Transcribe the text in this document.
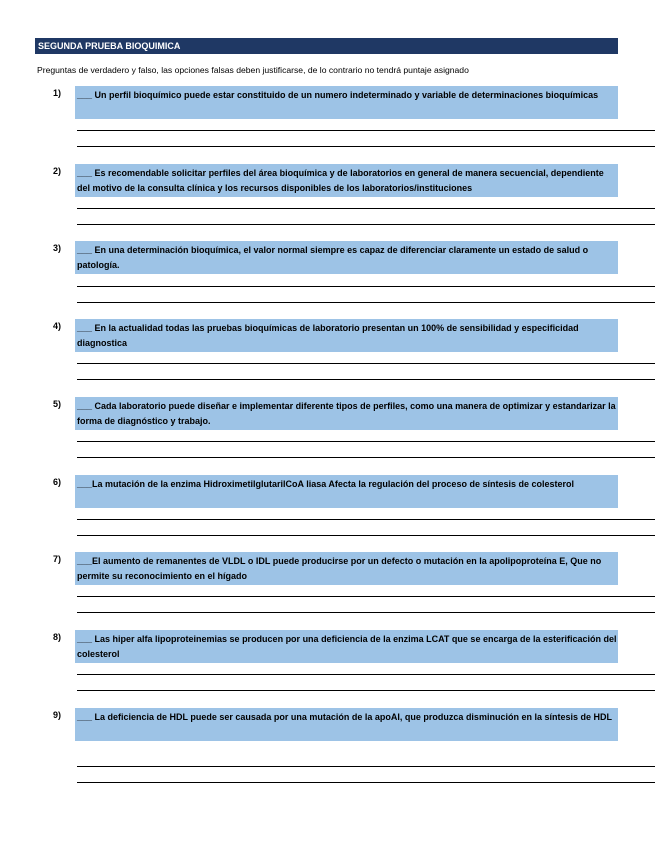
SEGUNDA PRUEBA BIOQUIMICA
Preguntas de verdadero y falso, las opciones falsas deben justificarse, de lo contrario no tendrá puntaje asignado
1) ___ Un perfil bioquímico puede estar constituido de un numero indeterminado y variable de determinaciones bioquímicas
2) ___ Es recomendable solicitar perfiles del área bioquímica y de laboratorios en general de manera secuencial, dependiente del motivo de la consulta clínica y los recursos disponibles de los laboratorios/instituciones
3) ___ En una determinación bioquímica, el valor normal siempre es capaz de diferenciar claramente un estado de salud o patología.
4) ___ En la actualidad todas las pruebas bioquímicas de laboratorio presentan un 100% de sensibilidad y especificidad diagnostica
5) ___ Cada laboratorio puede diseñar e implementar diferente tipos de perfiles, como una manera de optimizar y estandarizar la forma de diagnóstico y trabajo.
6) ___La mutación de la enzima HidroximetilglutarilCoA liasa Afecta la regulación del proceso de síntesis de colesterol
7) ___El aumento de remanentes de VLDL o IDL puede producirse por un defecto o mutación en la apolipoproteína E, Que no permite su reconocimiento en el hígado
8) ___ Las hiper alfa lipoproteinemias se producen por una deficiencia de la enzima LCAT que se encarga de la esterificación del colesterol
9) ___ La deficiencia de HDL puede ser causada por una mutación de la apoAI, que produzca disminución en la síntesis de HDL
